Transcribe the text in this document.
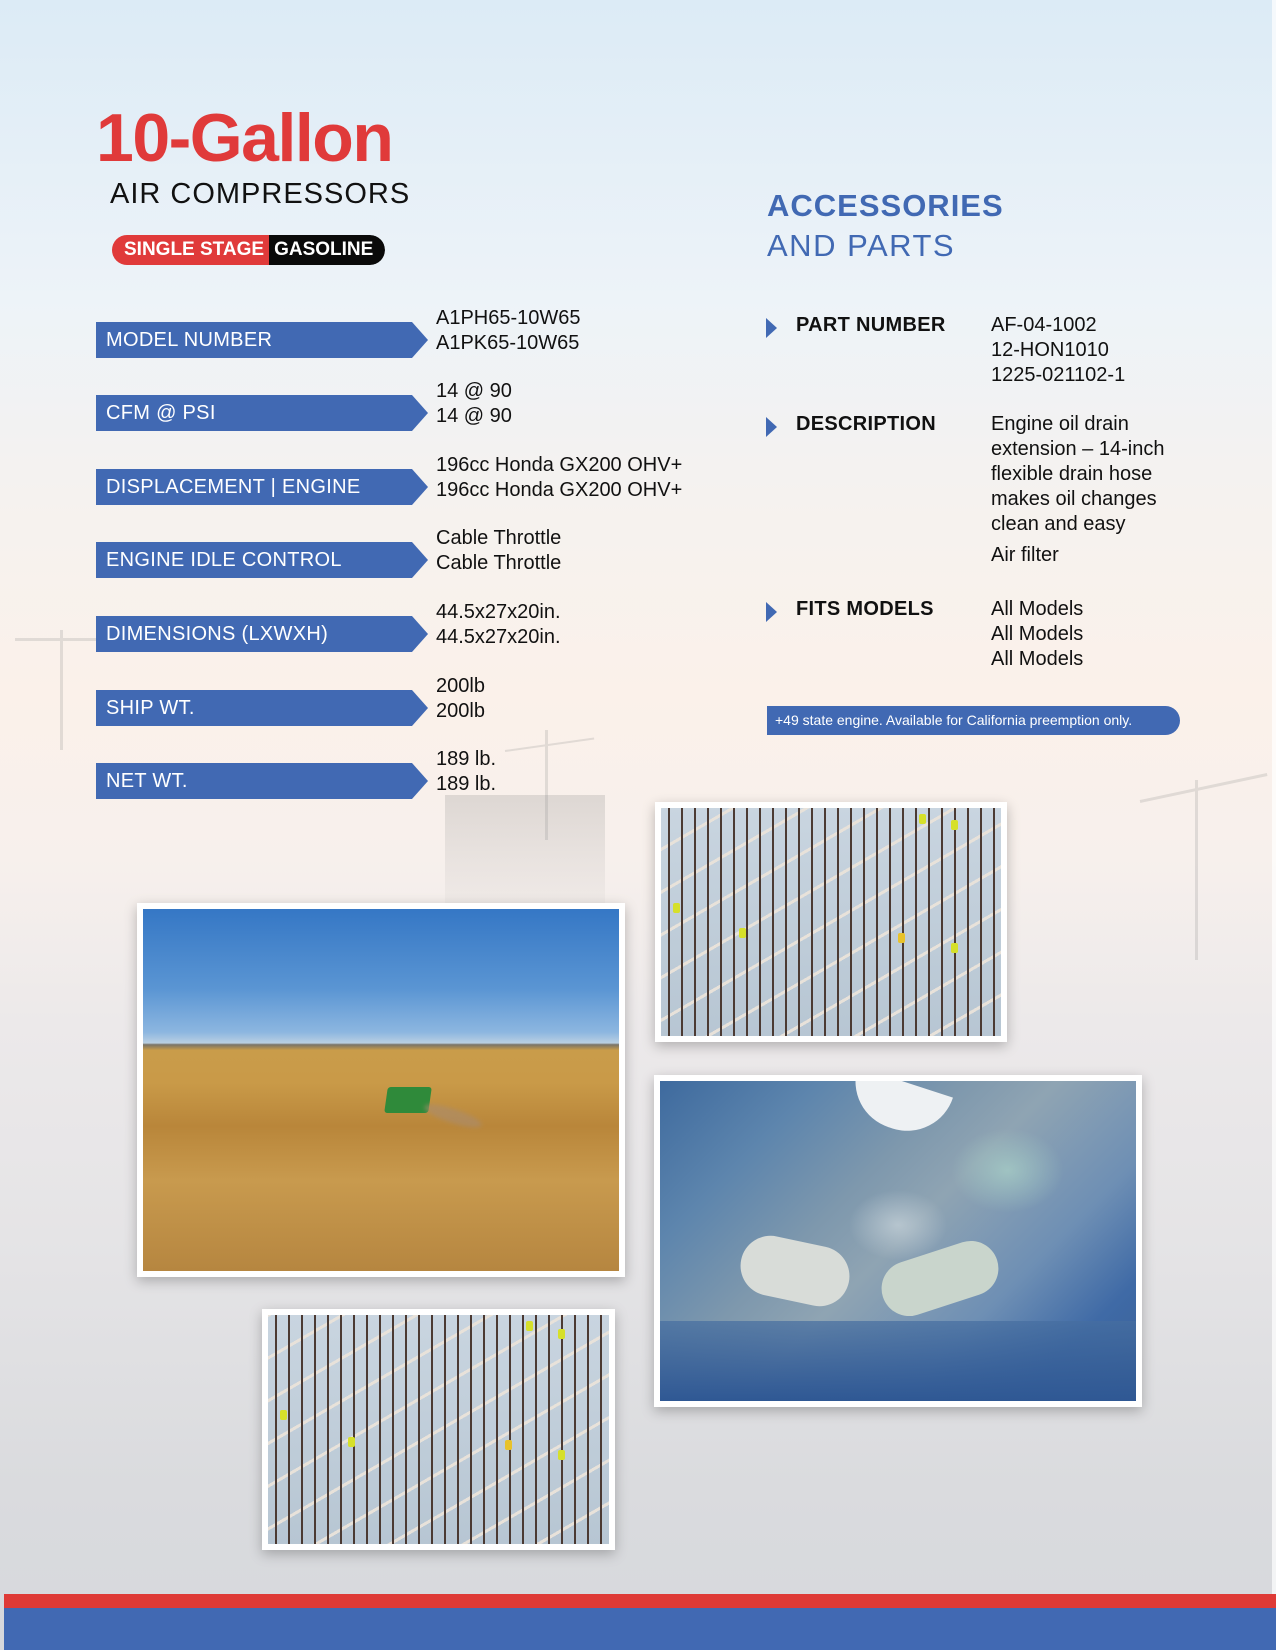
10-Gallon
AIR COMPRESSORS
SINGLE STAGE GASOLINE
MODEL NUMBER
A1PH65-10W65
A1PK65-10W65
CFM @ PSI
14 @ 90
14 @ 90
DISPLACEMENT | ENGINE
196cc Honda GX200 OHV+
196cc Honda GX200 OHV+
ENGINE IDLE CONTROL
Cable Throttle
Cable Throttle
DIMENSIONS (LXWXH)
44.5x27x20in.
44.5x27x20in.
SHIP WT.
200lb
200lb
NET WT.
189 lb.
189 lb.
ACCESSORIES
AND PARTS
PART NUMBER AF-04-1002
12-HON1010
1225-021102-1
DESCRIPTION	Engine oil drain extension – 14-inch flexible drain hose makes oil changes clean and easy
Air filter
FITS MODELS	All Models
All Models
All Models
+49 state engine. Available for California preemption only.
